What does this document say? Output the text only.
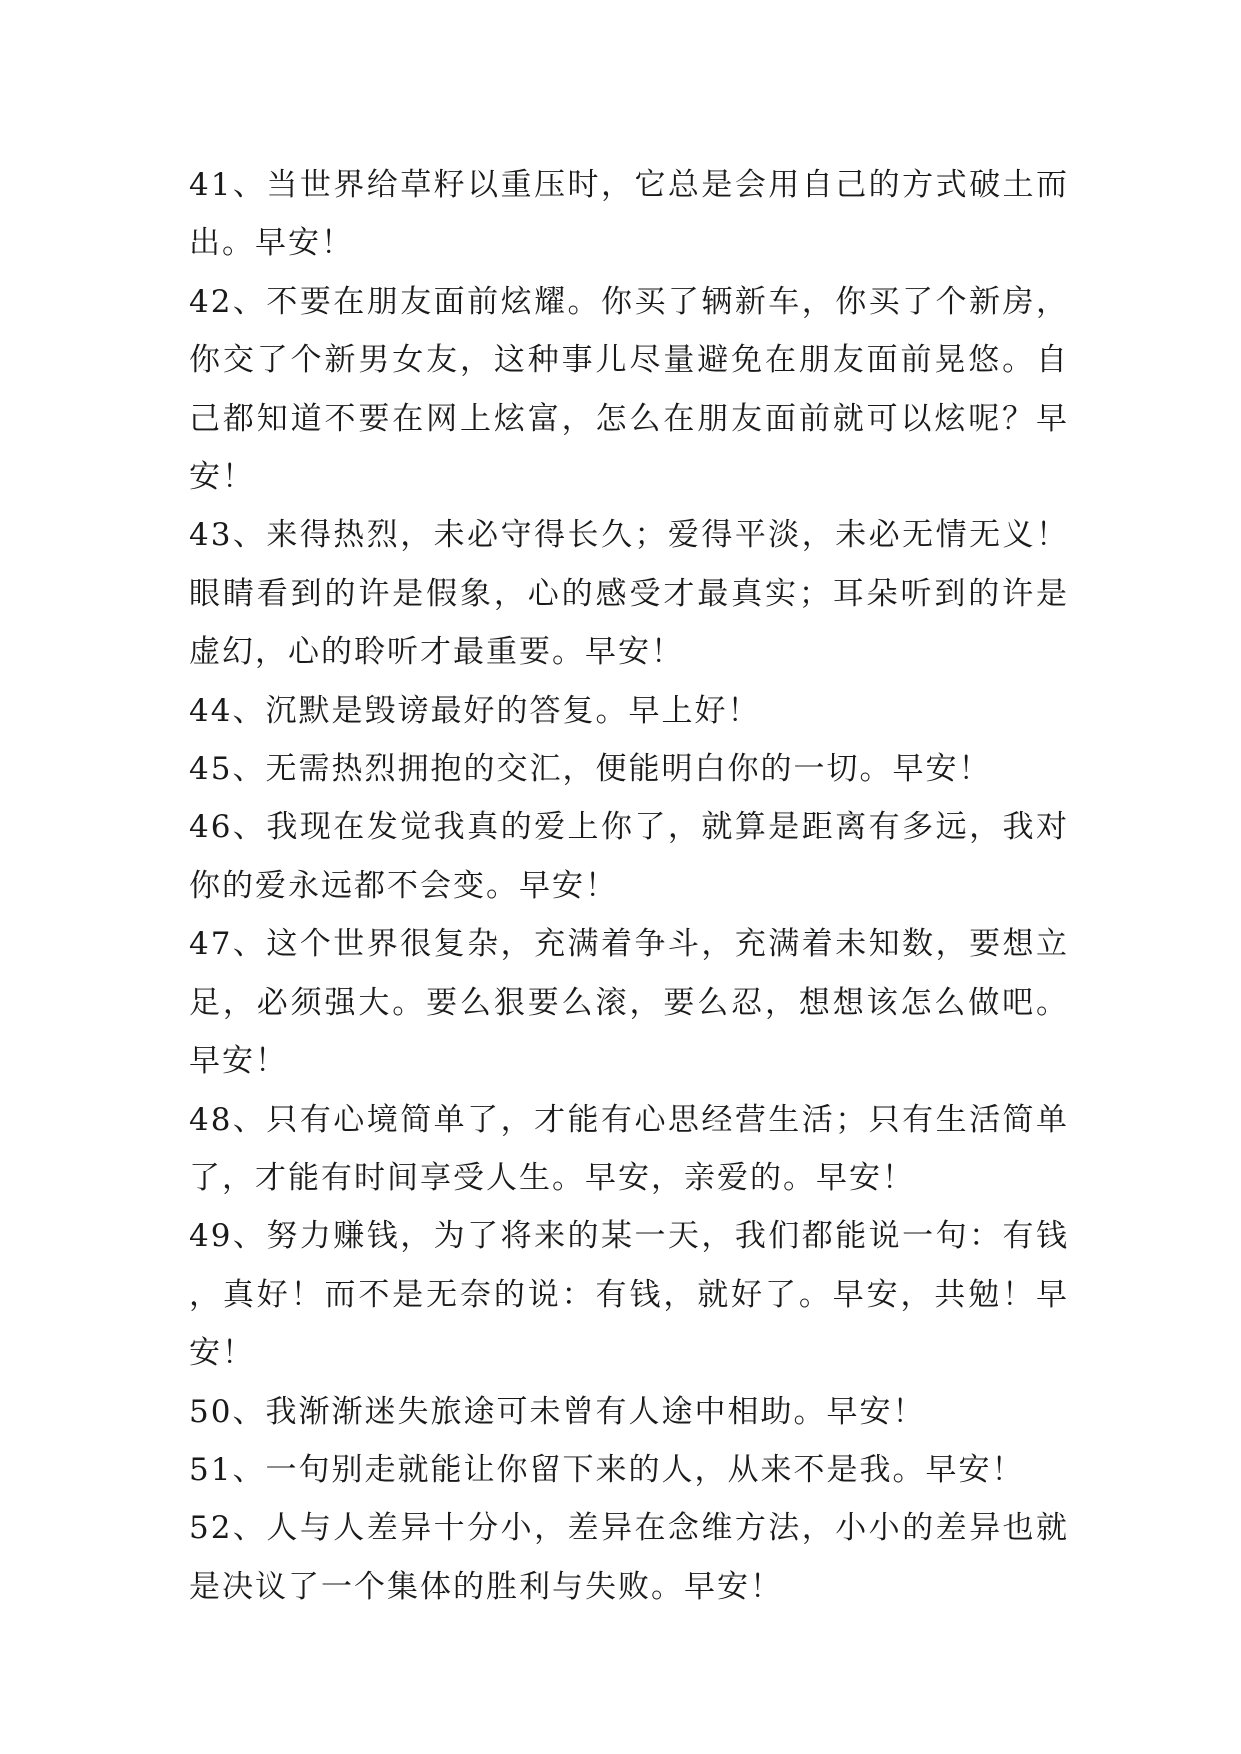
41、当世界给草籽以重压时，它总是会用自己的方式破土而出。早安！

42、不要在朋友面前炫耀。你买了辆新车，你买了个新房，你交了个新男女友，这种事儿尽量避免在朋友面前晃悠。自己都知道不要在网上炫富，怎么在朋友面前就可以炫呢？早安！

43、来得热烈，未必守得长久；爱得平淡，未必无情无义！眼睛看到的许是假象，心的感受才最真实；耳朵听到的许是虚幻，心的聆听才最重要。早安！

44、沉默是毁谤最好的答复。早上好！

45、无需热烈拥抱的交汇，便能明白你的一切。早安！

46、我现在发觉我真的爱上你了，就算是距离有多远，我对你的爱永远都不会变。早安！

47、这个世界很复杂，充满着争斗，充满着未知数，要想立足，必须强大。要么狠要么滚，要么忍，想想该怎么做吧。早安！

48、只有心境简单了，才能有心思经营生活；只有生活简单了，才能有时间享受人生。早安，亲爱的。早安！

49、努力赚钱，为了将来的某一天，我们都能说一句：有钱，真好！而不是无奈的说：有钱，就好了。早安，共勉！早安！

50、我渐渐迷失旅途可未曾有人途中相助。早安！

51、一句别走就能让你留下来的人，从来不是我。早安！

52、人与人差异十分小，差异在念维方法，小小的差异也就是决议了一个集体的胜利与失败。早安！
